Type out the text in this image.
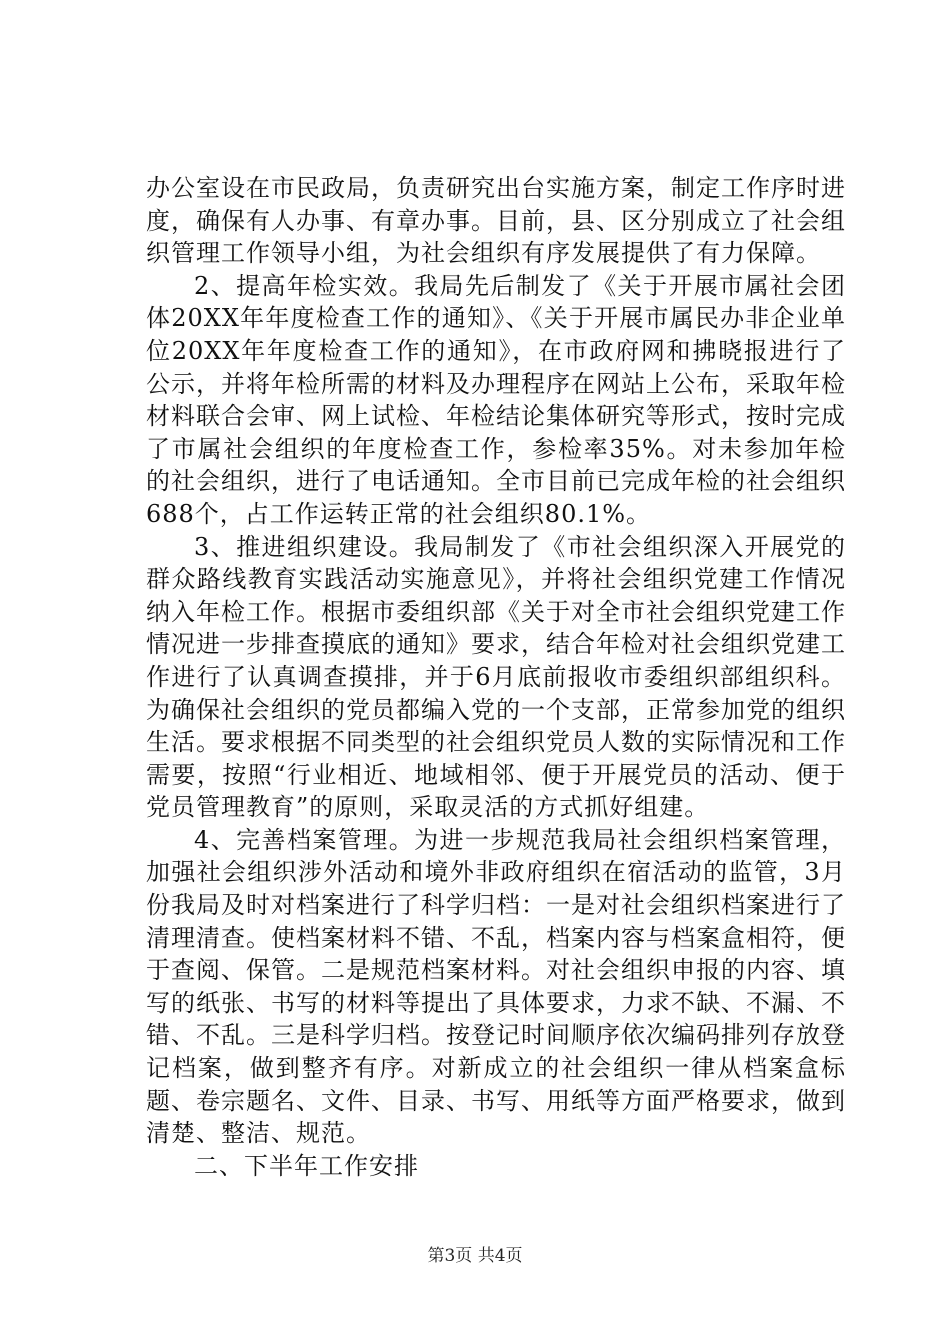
办公室设在市民政局，负责研究出台实施方案，制定工作序时进度，确保有人办事、有章办事。目前，县、区分别成立了社会组织管理工作领导小组，为社会组织有序发展提供了有力保障。

2、提高年检实效。我局先后制发了《关于开展市属社会团体20XX年年度检查工作的通知》、《关于开展市属民办非企业单位20XX年年度检查工作的通知》，在市政府网和拂晓报进行了公示，并将年检所需的材料及办理程序在网站上公布，采取年检材料联合会审、网上试检、年检结论集体研究等形式，按时完成了市属社会组织的年度检查工作，参检率35%。对未参加年检的社会组织，进行了电话通知。全市目前已完成年检的社会组织688个，占工作运转正常的社会组织80.1%。

3、推进组织建设。我局制发了《市社会组织深入开展党的群众路线教育实践活动实施意见》，并将社会组织党建工作情况纳入年检工作。根据市委组织部《关于对全市社会组织党建工作情况进一步排查摸底的通知》要求，结合年检对社会组织党建工作进行了认真调查摸排，并于6月底前报收市委组织部组织科。为确保社会组织的党员都编入党的一个支部，正常参加党的组织生活。要求根据不同类型的社会组织党员人数的实际情况和工作需要，按照“行业相近、地域相邻、便于开展党员的活动、便于党员管理教育”的原则，采取灵活的方式抓好组建。

4、完善档案管理。为进一步规范我局社会组织档案管理，加强社会组织涉外活动和境外非政府组织在宿活动的监管，3月份我局及时对档案进行了科学归档：一是对社会组织档案进行了清理清查。使档案材料不错、不乱，档案内容与档案盒相符，便于查阅、保管。二是规范档案材料。对社会组织申报的内容、填写的纸张、书写的材料等提出了具体要求，力求不缺、不漏、不错、不乱。三是科学归档。按登记时间顺序依次编码排列存放登记档案，做到整齐有序。对新成立的社会组织一律从档案盒标题、卷宗题名、文件、目录、书写、用纸等方面严格要求，做到清楚、整洁、规范。

二、下半年工作安排

第3页 共4页
